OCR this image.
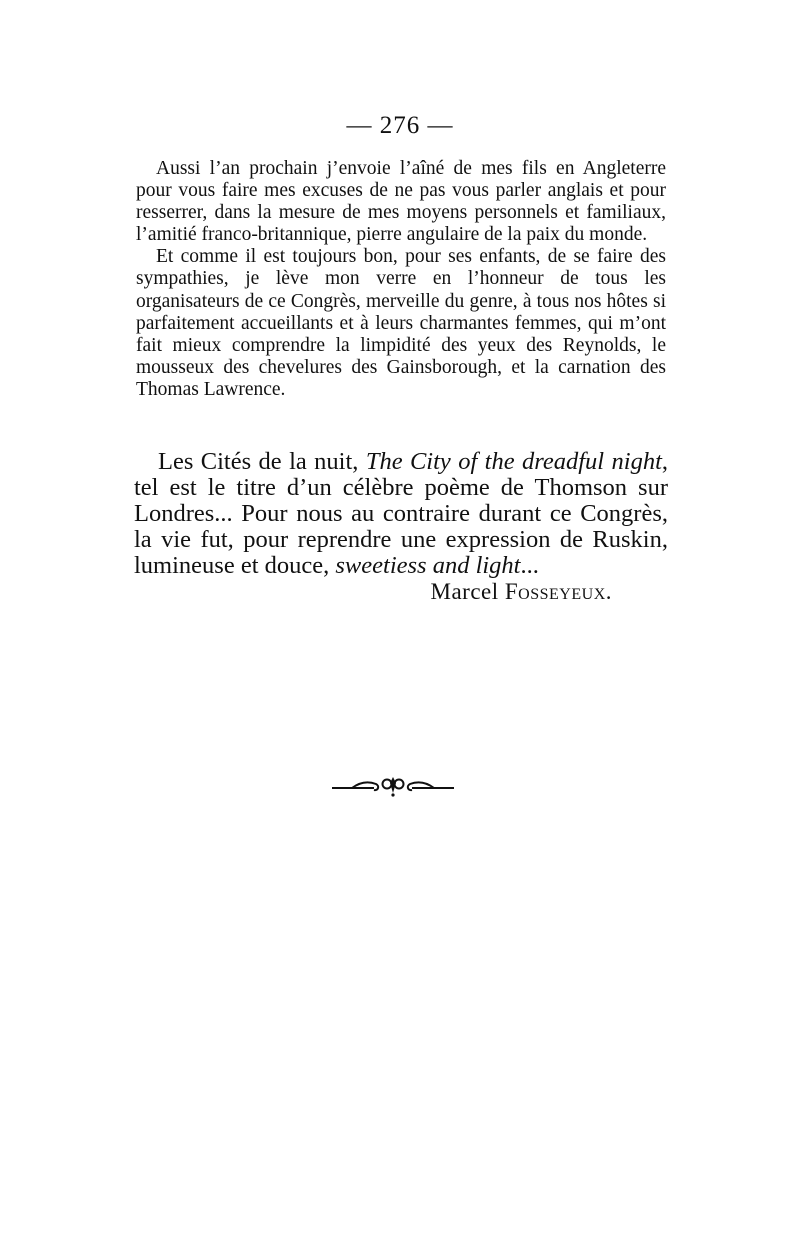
— 276 —

Aussi l’an prochain j’envoie l’aîné de mes fils en Angleterre pour vous faire mes excuses de ne pas vous parler anglais et pour resserrer, dans la mesure de mes moyens personnels et familiaux, l’amitié franco-britannique, pierre angulaire de la paix du monde.

Et comme il est toujours bon, pour ses enfants, de se faire des sympathies, je lève mon verre en l’honneur de tous les organisateurs de ce Congrès, merveille du genre, à tous nos hôtes si parfaitement accueillants et à leurs charmantes femmes, qui m’ont fait mieux comprendre la limpidité des yeux des Reynolds, le mousseux des chevelures des Gainsborough, et la carnation des Thomas Lawrence.

Les Cités de la nuit, The City of the dreadful night, tel est le titre d’un célèbre poème de Thomson sur Londres... Pour nous au contraire durant ce Congrès, la vie fut, pour reprendre une expression de Ruskin, lumineuse et douce, sweetiess and light...

Marcel Fosseyeux.
